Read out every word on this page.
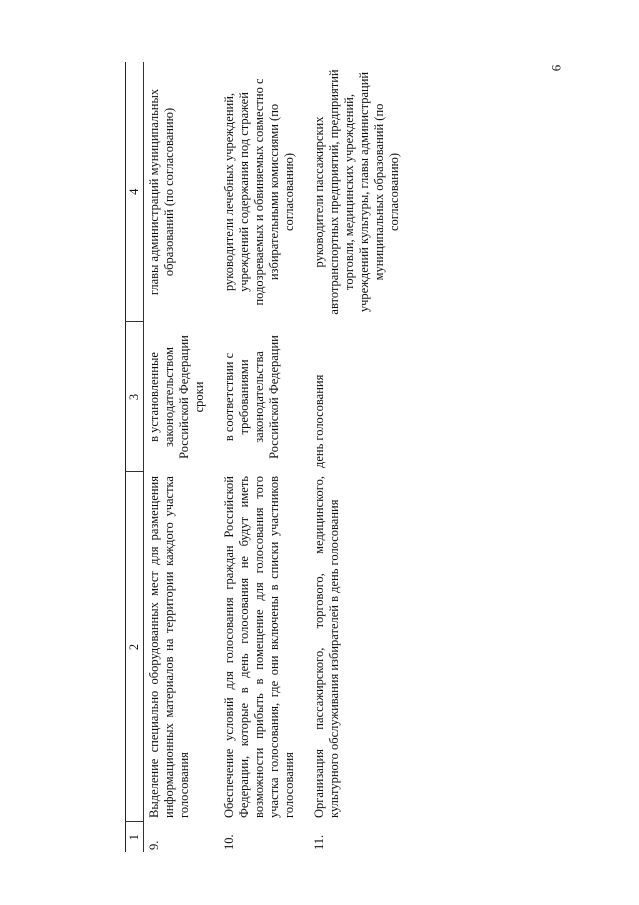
6
1	2	3	4
9.	Выделение специально оборудованных мест для размещения информационных материалов на территории каждого участка голосования	в установленные законодательством Российской Федерации сроки	главы администраций муниципальных образований (по согласованию)
10.	Обеспечение условий для голосования граждан Российской Федерации, которые в день голосования не будут иметь возможности прибыть в помещение для голосования того участка голосования, где они включены в списки участников голосования	в соответствии с требованиями законодательства Российской Федерации	руководители лечебных учреждений, учреждений содержания под стражей подозреваемых и обвиняемых совместно с избирательными комиссиями (по согласованию)
11.	Организация пассажирского, торгового, медицинского, культурного обслуживания избирателей в день голосования	день голосования	руководители пассажирских автотранспортных предприятий, предприятий торговли, медицинских учреждений, учреждений культуры, главы администраций муниципальных образований (по согласованию)
